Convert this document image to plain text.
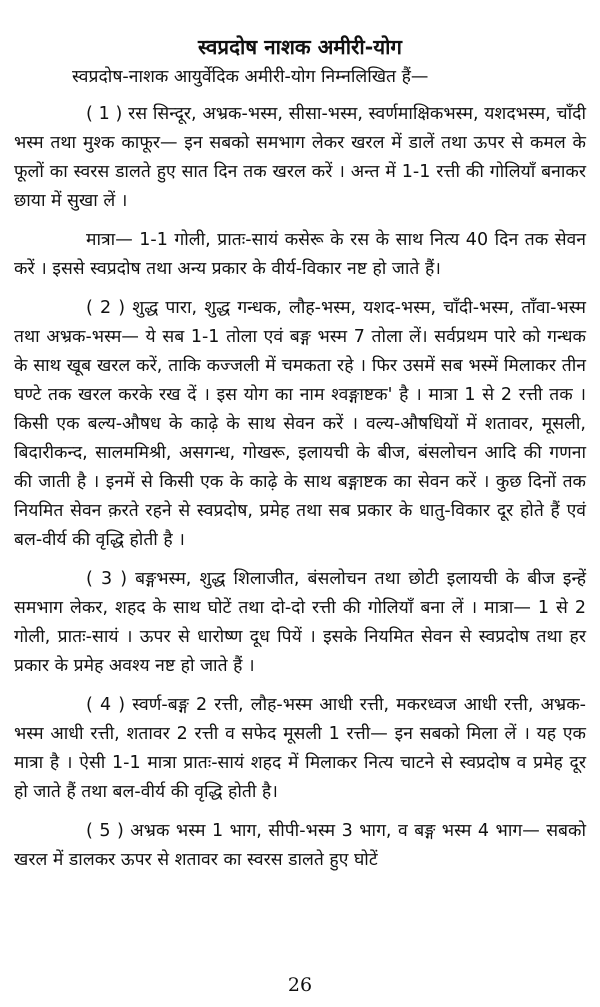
स्वप्रदोष नाशक अमीरी-योग
स्वप्रदोष-नाशक आयुर्वेदिक अमीरी-योग निम्नलिखित हैं—

( 1 ) रस सिन्दूर, अभ्रक-भस्म, सीसा-भस्म, स्वर्णमाक्षिकभस्म, यशदभस्म, चाँदी भस्म तथा मुश्क काफूर— इन सबको समभाग लेकर खरल में डालें तथा ऊपर से कमल के फूलों का स्वरस डालते हुए सात दिन तक खरल करें । अन्त में 1-1 रत्ती की गोलियाँ बनाकर छाया में सुखा लें ।

मात्रा— 1-1 गोली, प्रातः-सायं कसेरू के रस के साथ नित्य 40 दिन तक सेवन करें । इससे स्वप्रदोष तथा अन्य प्रकार के वीर्य-विकार नष्ट हो जाते हैं।

( 2 ) शुद्ध पारा, शुद्ध गन्धक, लौह-भस्म, यशद-भस्म, चाँदी-भस्म, ताँवा-भस्म तथा अभ्रक-भस्म— ये सब 1-1 तोला एवं बङ्ग भस्म 7 तोला लें। सर्वप्रथम पारे को गन्धक के साथ खूब खरल करें, ताकि कज्जली में चमकता रहे । फिर उसमें सब भस्में मिलाकर तीन घण्टे तक खरल करके रख दें । इस योग का नाम श्वङ्गाष्टक' है । मात्रा 1 से 2 रत्ती तक । किसी एक बल्य-औषध के काढ़े के साथ सेवन करें । वल्य-औषधियों में शतावर, मूसली, बिदारीकन्द, सालममिश्री, असगन्ध, गोखरू, इलायची के बीज, बंसलोचन आदि की गणना की जाती है । इनमें से किसी एक के काढ़े के साथ बङ्गाष्टक का सेवन करें । कुछ दिनों तक नियमित सेवन क़रते रहने से स्वप्रदोष, प्रमेह तथा सब प्रकार के धातु-विकार दूर होते हैं एवं बल-वीर्य की वृद्धि होती है ।

( 3 ) बङ्गभस्म, शुद्ध शिलाजीत, बंसलोचन तथा छोटी इलायची के बीज इन्हें समभाग लेकर, शहद के साथ घोटें तथा दो-दो रत्ती की गोलियाँ बना लें । मात्रा— 1 से 2 गोली, प्रातः-सायं । ऊपर से धारोष्ण दूध पियें । इसके नियमित सेवन से स्वप्रदोष तथा हर प्रकार के प्रमेह अवश्य नष्ट हो जाते हैं ।

( 4 ) स्वर्ण-बङ्ग 2 रत्ती, लौह-भस्म आधी रत्ती, मकरध्वज आधी रत्ती, अभ्रक-भस्म आधी रत्ती, शतावर 2 रत्ती व सफेद मूसली 1 रत्ती— इन सबको मिला लें । यह एक मात्रा है । ऐसी 1-1 मात्रा प्रातः-सायं शहद में मिलाकर नित्य चाटने से स्वप्रदोष व प्रमेह दूर हो जाते हैं तथा बल-वीर्य की वृद्धि होती है।

( 5 ) अभ्रक भस्म 1 भाग, सीपी-भस्म 3 भाग, व बङ्ग भस्म 4 भाग— सबको खरल में डालकर ऊपर से शतावर का स्वरस डालते हुए घोटें

26
